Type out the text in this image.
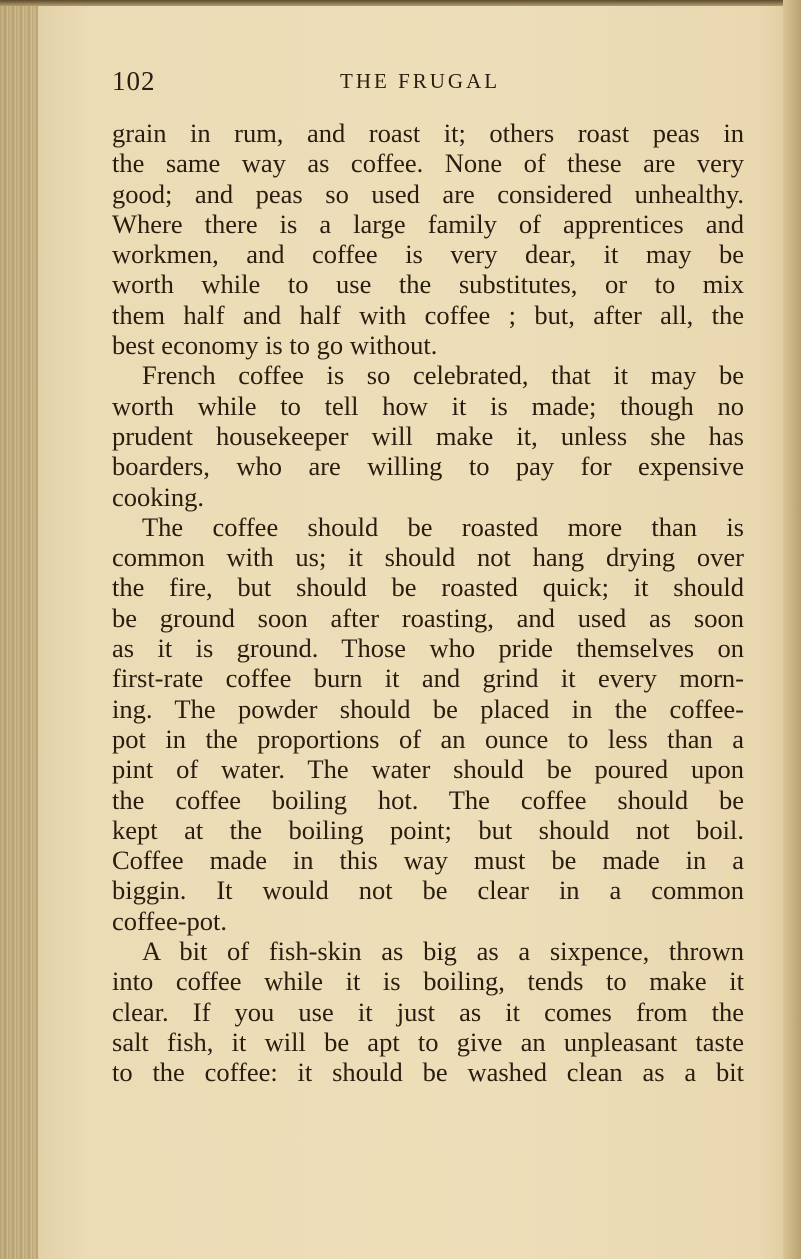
102	THE FRUGAL
grain in rum, and roast it; others roast peas in
the same way as coffee. None of these are very
good; and peas so used are considered unhealthy.
Where there is a large family of apprentices and
workmen, and coffee is very dear, it may be
worth while to use the substitutes, or to mix
them half and half with coffee ; but, after all, the
best economy is to go without.
French coffee is so celebrated, that it may be
worth while to tell how it is made; though no
prudent housekeeper will make it, unless she has
boarders, who are willing to pay for expensive
cooking.
The coffee should be roasted more than is
common with us; it should not hang drying over
the fire, but should be roasted quick; it should
be ground soon after roasting, and used as soon
as it is ground. Those who pride themselves on
first-rate coffee burn it and grind it every morn-
ing. The powder should be placed in the coffee-
pot in the proportions of an ounce to less than a
pint of water. The water should be poured upon
the coffee boiling hot. The coffee should be
kept at the boiling point; but should not boil.
Coffee made in this way must be made in a
biggin. It would not be clear in a common
coffee-pot.
A bit of fish-skin as big as a sixpence, thrown
into coffee while it is boiling, tends to make it
clear. If you use it just as it comes from the
salt fish, it will be apt to give an unpleasant taste
to the coffee: it should be washed clean as a bit
